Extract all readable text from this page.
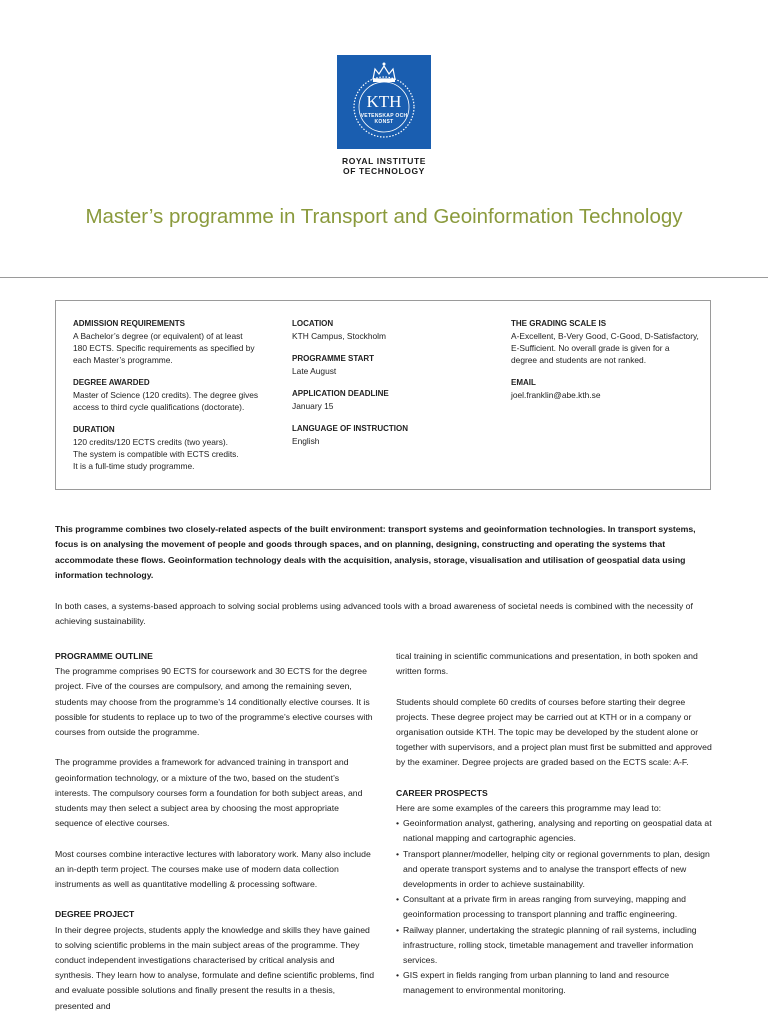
KTH
VETENSKAP OCH KONST
ROYAL INSTITUTE
OF TECHNOLOGY
Master’s programme in Transport and Geoinformation Technology
ADMISSION REQUIREMENTS
A Bachelor’s degree (or equivalent) of at least
180 ECTS. Specific requirements as specified by
each Master’s programme.
DEGREE AWARDED
Master of Science (120 credits). The degree gives
access to third cycle qualifications (doctorate).
DURATION
120 credits/120 ECTS credits (two years).
The system is compatible with ECTS credits.
It is a full-time study programme.
LOCATION
KTH Campus, Stockholm
PROGRAMME START
Late August
APPLICATION DEADLINE
January 15
LANGUAGE OF INSTRUCTION
English
THE GRADING SCALE IS
A-Excellent, B-Very Good, C-Good, D-Satisfactory,
E-Sufficient. No overall grade is given for a
degree and students are not ranked.
EMAIL
joel.franklin@abe.kth.se
This programme combines two closely-related aspects of the built environment: transport systems and geoinformation technologies. In transport systems, focus is on analysing the movement of people and goods through spaces, and on planning, designing, constructing and operating the systems that accommodate these flows. Geoinformation technology deals with the acquisition, analysis, storage, visualisation and utilisation of geospatial data using information technology.
In both cases, a systems-based approach to solving social problems using advanced tools with a broad awareness of societal needs is combined with the necessity of achieving sustainability.
PROGRAMME OUTLINE

The programme comprises 90 ECTS for coursework and 30 ECTS for the degree project. Five of the courses are compulsory, and among the remaining seven, students may choose from the programme’s 14 conditionally elective courses. It is possible for students to replace up to two of the programme’s elective courses with courses from outside the programme.

The programme provides a framework for advanced training in transport and geoinformation technology, or a mixture of the two, based on the student’s interests. The compulsory courses form a foundation for both subject areas, and students may then select a subject area by choosing the most appropriate sequence of elective courses.

Most courses combine interactive lectures with laboratory work. Many also include an in-depth term project. The courses make use of modern data collection instruments as well as quantitative modelling & processing software.

DEGREE PROJECT

In their degree projects, students apply the knowledge and skills they have gained to solving scientific problems in the main subject areas of the programme. They conduct independent investigations characterised by critical analysis and synthesis. They learn how to analyse, formulate and define scientific problems, find and evaluate possible solutions and finally present the results in a thesis, presented and

tical training in scientific communications and presentation, in both spoken and written forms.

Students should complete 60 credits of courses before starting their degree projects. These degree project may be carried out at KTH or in a company or organisation outside KTH. The topic may be developed by the student alone or together with supervisors, and a project plan must first be submitted and approved by the examiner. Degree projects are graded based on the ECTS scale: A-F.

CAREER PROSPECTS
Here are some examples of the careers this programme may lead to:
• Geoinformation analyst, gathering, analysing and reporting on geospatial data at national mapping and cartographic agencies.
• Transport planner/modeller, helping city or regional governments to plan, design and operate transport systems and to analyse the transport effects of new developments in order to achieve sustainability.
• Consultant at a private firm in areas ranging from surveying, mapping and geoinformation processing to transport planning and traffic engineering.
• Railway planner, undertaking the strategic planning of rail systems, including infrastructure, rolling stock, timetable management and traveller information services.
• GIS expert in fields ranging from urban planning to land and resource management to environmental monitoring.
